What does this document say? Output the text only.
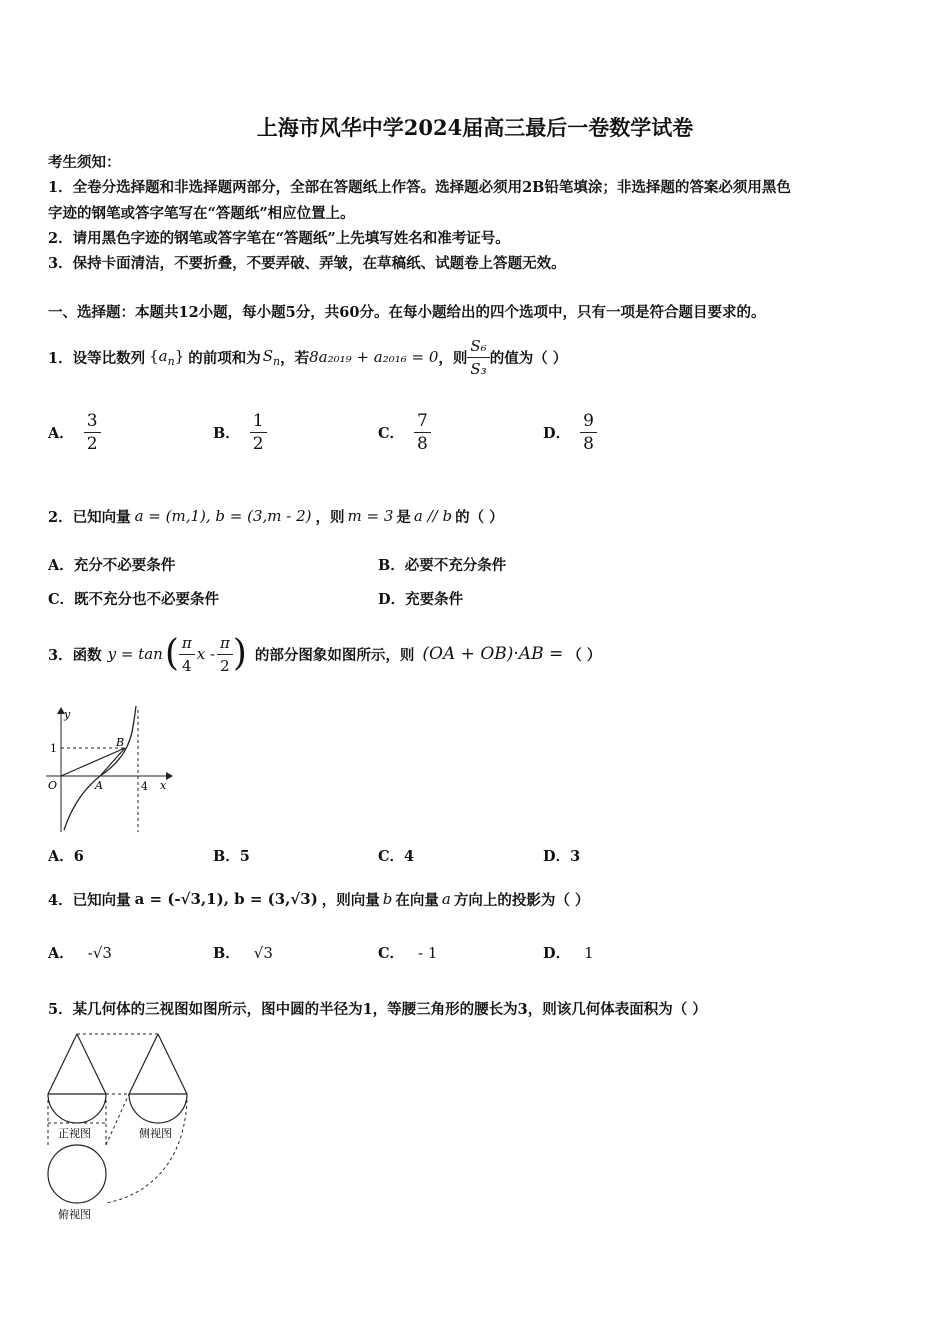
上海市风华中学2024届高三最后一卷数学试卷
考生须知：
1．全卷分选择题和非选择题两部分，全部在答题纸上作答。选择题必须用2B铅笔填涂；非选择题的答案必须用黑色
字迹的钢笔或答字笔写在“答题纸”相应位置上。
2．请用黑色字迹的钢笔或答字笔在“答题纸”上先填写姓名和准考证号。
3．保持卡面清洁，不要折叠，不要弄破、弄皱，在草稿纸、试题卷上答题无效。
一、选择题：本题共12小题，每小题5分，共60分。在每小题给出的四个选项中，只有一项是符合题目要求的。
1．设等比数列 $\{a_n\}$ 的前项和为 $S_n$ ，若 8a₂₀₁₉ + a₂₀₁₆ = 0 ，则 $\frac{\text{S₆}}{\text{S₃}}$ 的值为（ ）
A． $\frac{3}{2}$	B． $\frac{1}{2}$	C． $\frac{7}{8}$	D． $\frac{9}{8}$
2．已知向量 a = (m,1), b = (3,m - 2) ，则 m = 3 是 a // b 的（ ）
A．充分不必要条件	B．必要不充分条件
C．既不充分也不必要条件	D．充要条件
3．函数 y = tan ( $\frac{\pi}{4}$ x - $\frac{\pi}{2}$ ) 的部分图象如图所示，则 (OA + OB)·AB = （ ）
y
x
O	A
B
1
4
A．6	B．5	C．4	D．3
4．已知向量 a = (-√3,1), b = (3,√3) ，则向量 b 在向量 a 方向上的投影为（ ）
A． -√3	B． √3	C． - 1	D． 1
5．某几何体的三视图如图所示，图中圆的半径为1，等腰三角形的腰长为3，则该几何体表面积为（ ）
正视图	侧视图
俯视图
